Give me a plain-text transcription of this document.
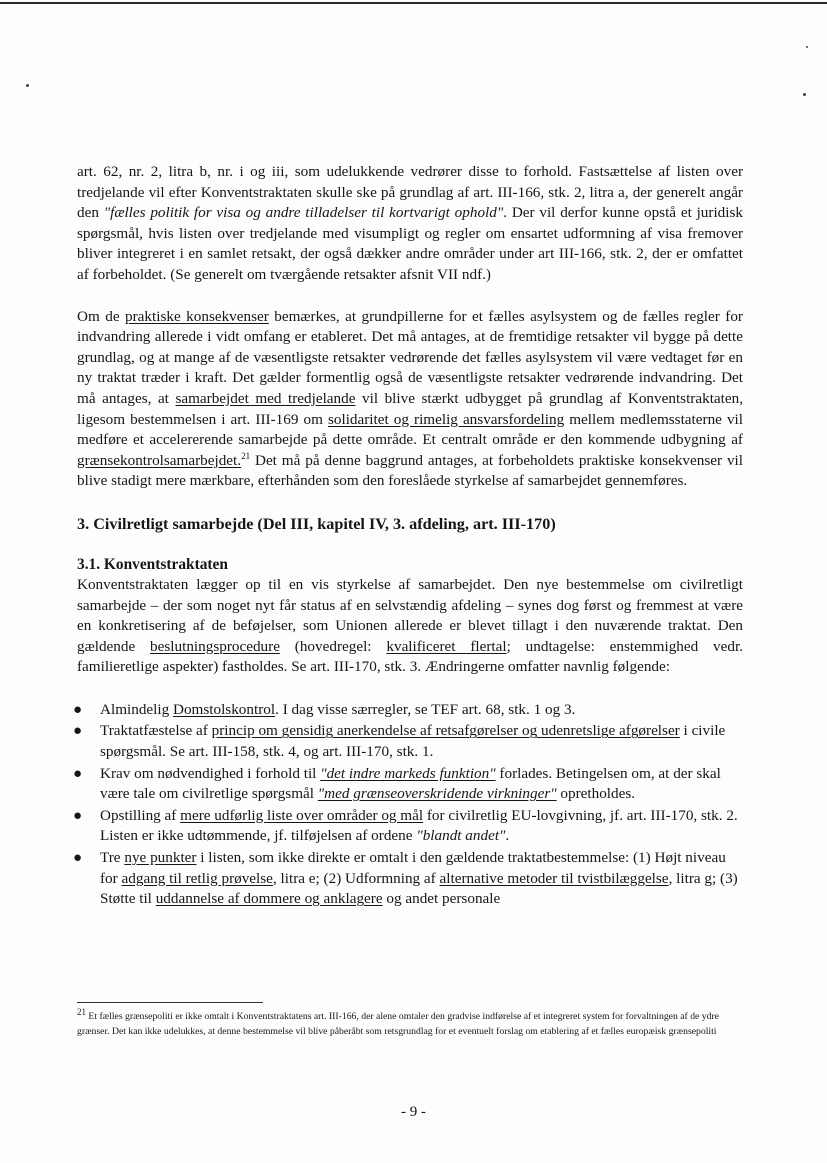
art. 62, nr. 2, litra b, nr. i og iii, som udelukkende vedrører disse to forhold. Fastsættelse af listen over tredjelande vil efter Konventstraktaten skulle ske på grundlag af art. III-166, stk. 2, litra a, der generelt angår den "fælles politik for visa og andre tilladelser til kortvarigt ophold". Der vil derfor kunne opstå et juridisk spørgsmål, hvis listen over tredjelande med visumpligt og regler om ensartet udformning af visa fremover bliver integreret i en samlet retsakt, der også dækker andre områder under art III-166, stk. 2, der er omfattet af forbeholdet. (Se generelt om tværgående retsakter afsnit VII ndf.)

Om de praktiske konsekvenser bemærkes, at grundpillerne for et fælles asylsystem og de fælles regler for indvandring allerede i vidt omfang er etableret. Det må antages, at de fremtidige retsakter vil bygge på dette grundlag, og at mange af de væsentligste retsakter vedrørende det fælles asylsystem vil være vedtaget før en ny traktat træder i kraft. Det gælder formentlig også de væsentligste retsakter vedrørende indvandring. Det må antages, at samarbejdet med tredjelande vil blive stærkt udbygget på grundlag af Konventstraktaten, ligesom bestemmelsen i art. III-169 om solidaritet og rimelig ansvarsfordeling mellem medlemsstaterne vil medføre et accelererende samarbejde på dette område. Et centralt område er den kommende udbygning af grænsekontrolsamarbejdet.$^{21}$ Det må på denne baggrund antages, at forbeholdets praktiske konsekvenser vil blive stadigt mere mærkbare, efterhånden som den foreslåede styrkelse af samarbejdet gennemføres.

3. Civilretligt samarbejde (Del III, kapitel IV, 3. afdeling, art. III-170)
3.1. Konventstraktaten

Konventstraktaten lægger op til en vis styrkelse af samarbejdet. Den nye bestemmelse om civilretligt samarbejde – der som noget nyt får status af en selvstændig afdeling – synes dog først og fremmest at være en konkretisering af de beføjelser, som Unionen allerede er blevet tillagt i den nuværende traktat. Den gældende beslutningsprocedure (hovedregel: kvalificeret flertal; undtagelse: enstemmighed vedr. familieretlige aspekter) fastholdes. Se art. III-170, stk. 3. Ændringerne omfatter navnlig følgende:

● Almindelig Domstolskontrol. I dag visse særregler, se TEF art. 68, stk. 1 og 3.
● Traktatfæstelse af princip om gensidig anerkendelse af retsafgørelser og udenretslige afgørelser i civile spørgsmål. Se art. III-158, stk. 4, og art. III-170, stk. 1.
● Krav om nødvendighed i forhold til "det indre markeds funktion" forlades. Betingelsen om, at der skal være tale om civilretlige spørgsmål "med grænseoverskridende virkninger" opretholdes.
● Opstilling af mere udførlig liste over områder og mål for civilretlig EU-lovgivning, jf. art. III-170, stk. 2. Listen er ikke udtømmende, jf. tilføjelsen af ordene "blandt andet".
● Tre nye punkter i listen, som ikke direkte er omtalt i den gældende traktatbestemmelse: (1) Højt niveau for adgang til retlig prøvelse, litra e; (2) Udformning af alternative metoder til tvistbilæggelse, litra g; (3) Støtte til uddannelse af dommere og anklagere og andet personale
$^{21}$ Et fælles grænsepoliti er ikke omtalt i Konventstraktatens art. III-166, der alene omtaler den gradvise indførelse af et integreret system for forvaltningen af de ydre grænser. Det kan ikke udelukkes, at denne bestemmelse vil blive påberåbt som retsgrundlag for et eventuelt forslag om etablering af et fælles europæisk grænsepoliti
- 9 -
